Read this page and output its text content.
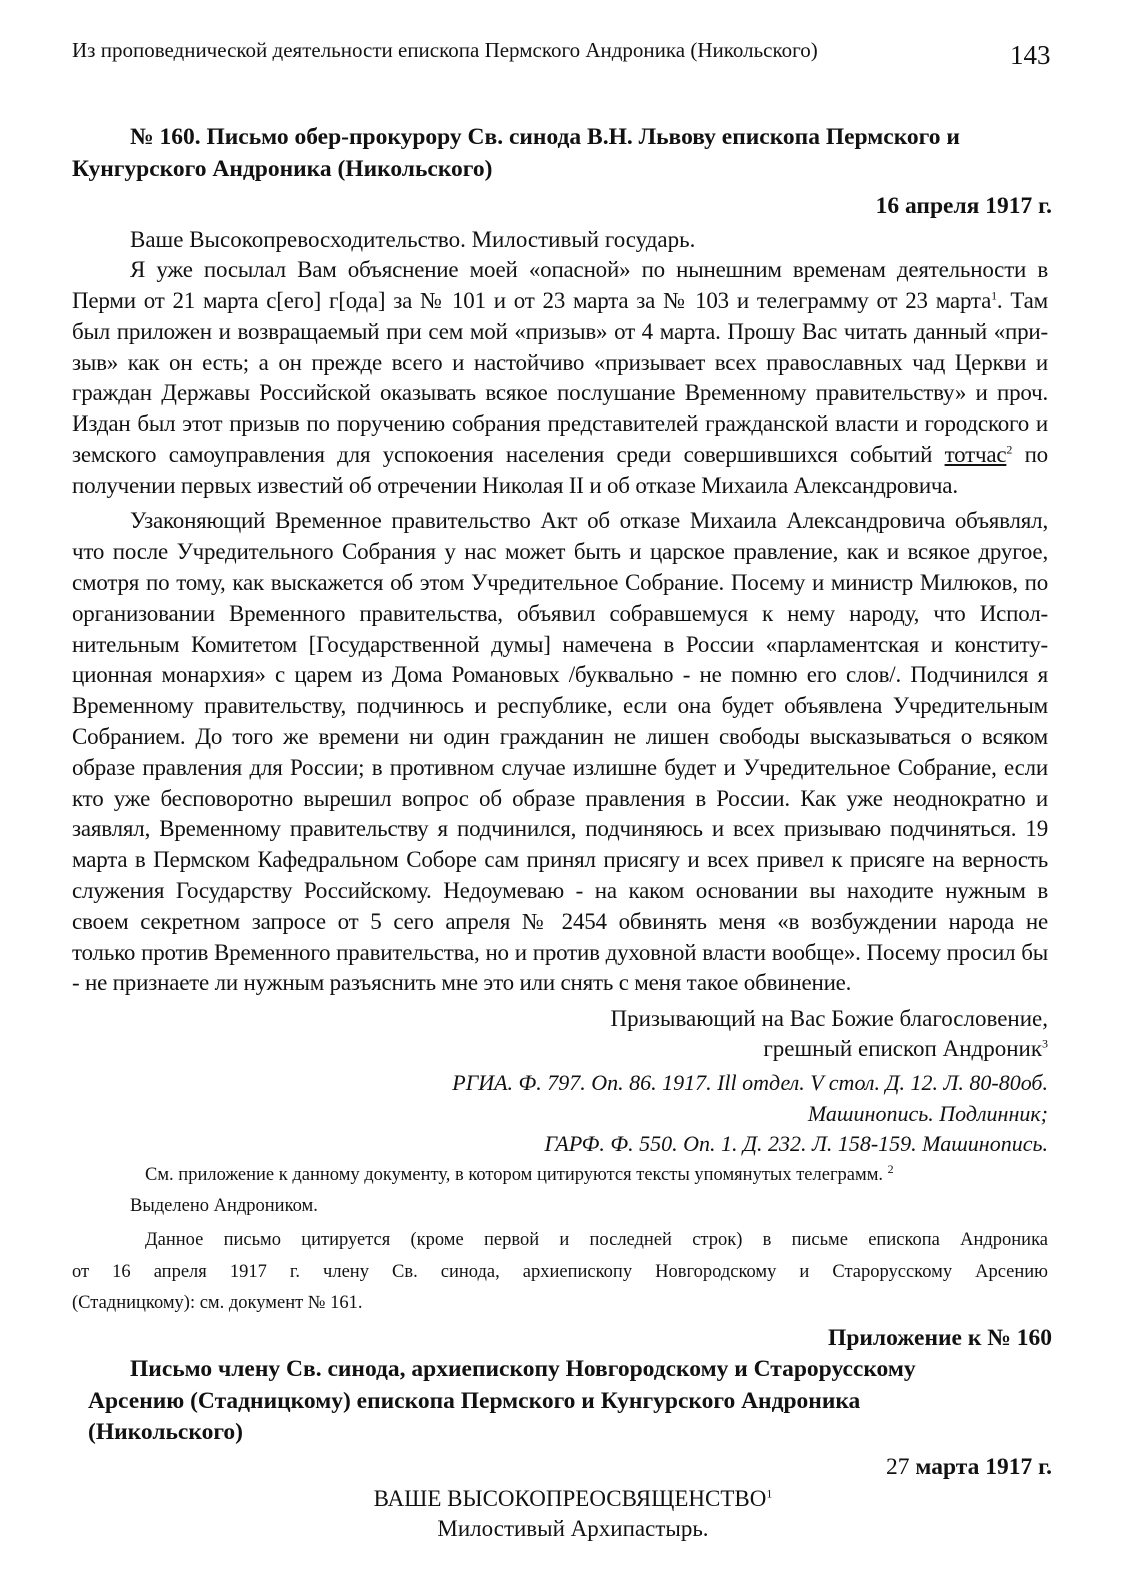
Из проповеднической деятельности епископа Пермского Андроника (Никольского)	143
№ 160. Письмо обер-прокурору Св. синода В.Н. Львову епископа Пермского и
Кунгурского Андроника (Никольского)
16 апреля 1917 г.
Ваше Высокопревосходительство. Милостивый государь.
Я уже посылал Вам объяснение моей «опасной» по нынешним временам деятельности в
Перми от 21 марта с[его] г[ода] за № 101 и от 23 марта за № 103 и телеграмму от 23 марта$^1$. Там
был приложен и возвращаемый при сем мой «призыв» от 4 марта. Прошу Вас читать данный «при-
зыв» как он есть; а он прежде всего и настойчиво «призывает всех православных чад Церкви и
граждан Державы Российской оказывать всякое послушание Временному правительству» и проч.
Издан был этот призыв по поручению собрания представителей гражданской власти и городского и
земского самоуправления для успокоения населения среди совершившихся событий тотчас$^2$ по
получении первых известий об отречении Николая II и об отказе Михаила Александровича.
Узаконяющий Временное правительство Акт об отказе Михаила Александровича объявлял,
что после Учредительного Собрания у нас может быть и царское правление, как и всякое другое,
смотря по тому, как выскажется об этом Учредительное Собрание. Посему и министр Милюков, по
организовании Временного правительства, объявил собравшемуся к нему народу, что Испол-
нительным Комитетом [Государственной думы] намечена в России «парламентская и конститу-
ционная монархия» с царем из Дома Романовых /буквально - не помню его слов/. Подчинился я
Временному правительству, подчинюсь и республике, если она будет объявлена Учредительным
Собранием. До того же времени ни один гражданин не лишен свободы высказываться о всяком
образе правления для России; в противном случае излишне будет и Учредительное Собрание, если
кто уже бесповоротно вырешил вопрос об образе правления в России. Как уже неоднократно и
заявлял, Временному правительству я подчинился, подчиняюсь и всех призываю подчиняться. 19
марта в Пермском Кафедральном Соборе сам принял присягу и всех привел к присяге на верность
служения Государству Российскому. Недоумеваю - на каком основании вы находите нужным в
своем секретном запросе от 5 сего апреля № 2454 обвинять меня «в возбуждении народа не
только против Временного правительства, но и против духовной власти вообще». Посему просил бы
- не признаете ли нужным разъяснить мне это или снять с меня такое обвинение.
Призывающий на Вас Божие благословение,
грешный епископ Андроник$^3$
РГИА. Ф. 797. Оп. 86. 1917. Ill отдел. V стол. Д. 12. Л. 80-80об.
Машинопись. Подлинник;
ГАРФ. Ф. 550. Оп. 1. Д. 232. Л. 158-159. Машинопись.
См. приложение к данному документу, в котором цитируются тексты упомянутых телеграмм. $^2$
Выделено Андроником.
Данное письмо цитируется (кроме первой и последней строк) в письме епископа Андроника
от 16 апреля 1917 г. члену Св. синода, архиепископу Новгородскому и Старорусскому Арсению
(Стадницкому): см. документ № 161.
Приложение к № 160
Письмо члену Св. синода, архиепископу Новгородскому и Старорусскому
Арсению (Стадницкому) епископа Пермского и Кунгурского Андроника
(Никольского)
27 марта 1917 г.
ВАШЕ ВЫСОКОПРЕОСВЯЩЕНСТВО$^1$
Милостивый Архипастырь.
